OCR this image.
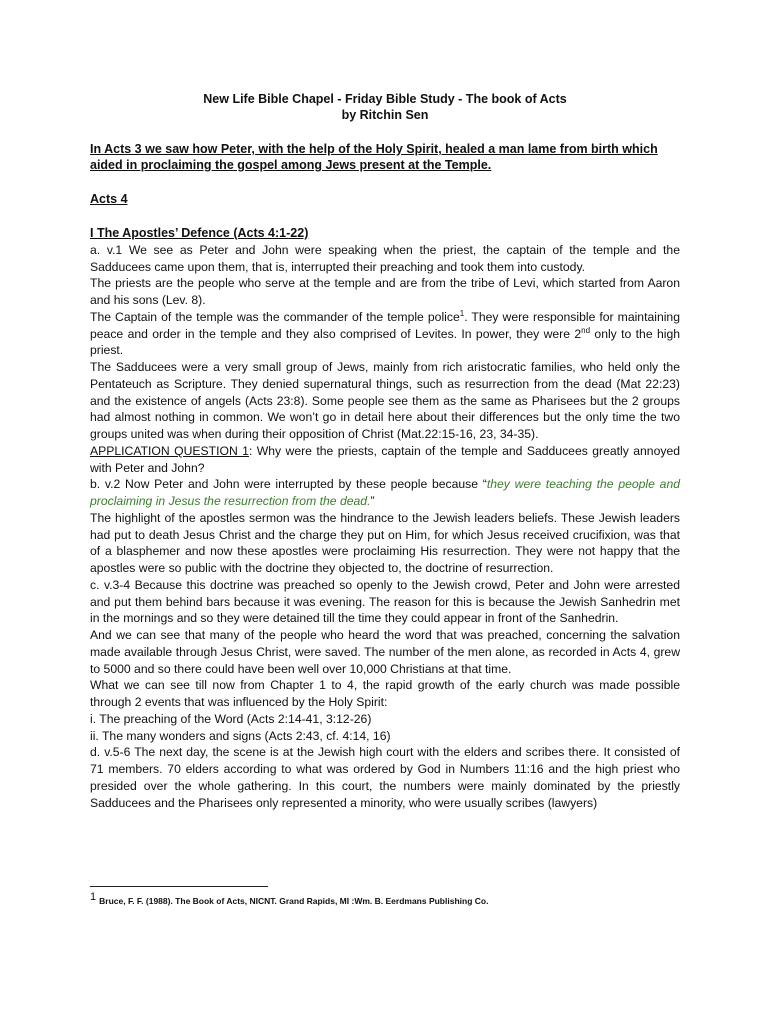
New Life Bible Chapel - Friday Bible Study - The book of Acts
by Ritchin Sen

In Acts 3 we saw how Peter, with the help of the Holy Spirit, healed a man lame from birth which aided in proclaiming the gospel among Jews present at the Temple.

Acts 4

I The Apostles’ Defence (Acts 4:1-22)

a. v.1 We see as Peter and John were speaking when the priest, the captain of the temple and the Sadducees came upon them, that is, interrupted their preaching and took them into custody.

The priests are the people who serve at the temple and are from the tribe of Levi, which started from Aaron and his sons (Lev. 8).

The Captain of the temple was the commander of the temple police$^1$. They were responsible for maintaining peace and order in the temple and they also comprised of Levites. In power, they were 2nd only to the high priest.

The Sadducees were a very small group of Jews, mainly from rich aristocratic families, who held only the Pentateuch as Scripture. They denied supernatural things, such as resurrection from the dead (Mat 22:23) and the existence of angels (Acts 23:8). Some people see them as the same as Pharisees but the 2 groups had almost nothing in common. We won’t go in detail here about their differences but the only time the two groups united was when during their opposition of Christ (Mat.22:15-16, 23, 34-35).

APPLICATION QUESTION 1: Why were the priests, captain of the temple and Sadducees greatly annoyed with Peter and John?

b. v.2 Now Peter and John were interrupted by these people because “they were teaching the people and proclaiming in Jesus the resurrection from the dead.”

The highlight of the apostles sermon was the hindrance to the Jewish leaders beliefs. These Jewish leaders had put to death Jesus Christ and the charge they put on Him, for which Jesus received crucifixion, was that of a blasphemer and now these apostles were proclaiming His resurrection. They were not happy that the apostles were so public with the doctrine they objected to, the doctrine of resurrection.

c. v.3-4 Because this doctrine was preached so openly to the Jewish crowd, Peter and John were arrested and put them behind bars because it was evening. The reason for this is because the Jewish Sanhedrin met in the mornings and so they were detained till the time they could appear in front of the Sanhedrin.

And we can see that many of the people who heard the word that was preached, concerning the salvation made available through Jesus Christ, were saved. The number of the men alone, as recorded in Acts 4, grew to 5000 and so there could have been well over 10,000 Christians at that time.

What we can see till now from Chapter 1 to 4, the rapid growth of the early church was made possible through 2 events that was influenced by the Holy Spirit:

i. The preaching of the Word (Acts 2:14-41, 3:12-26)

ii. The many wonders and signs (Acts 2:43, cf. 4:14, 16)

d. v.5-6 The next day, the scene is at the Jewish high court with the elders and scribes there. It consisted of 71 members. 70 elders according to what was ordered by God in Numbers 11:16 and the high priest who presided over the whole gathering. In this court, the numbers were mainly dominated by the priestly Sadducees and the Pharisees only represented a minority, who were usually scribes (lawyers)

1 Bruce, F. F. (1988). The Book of Acts, NICNT. Grand Rapids, MI :Wm. B. Eerdmans Publishing Co.
